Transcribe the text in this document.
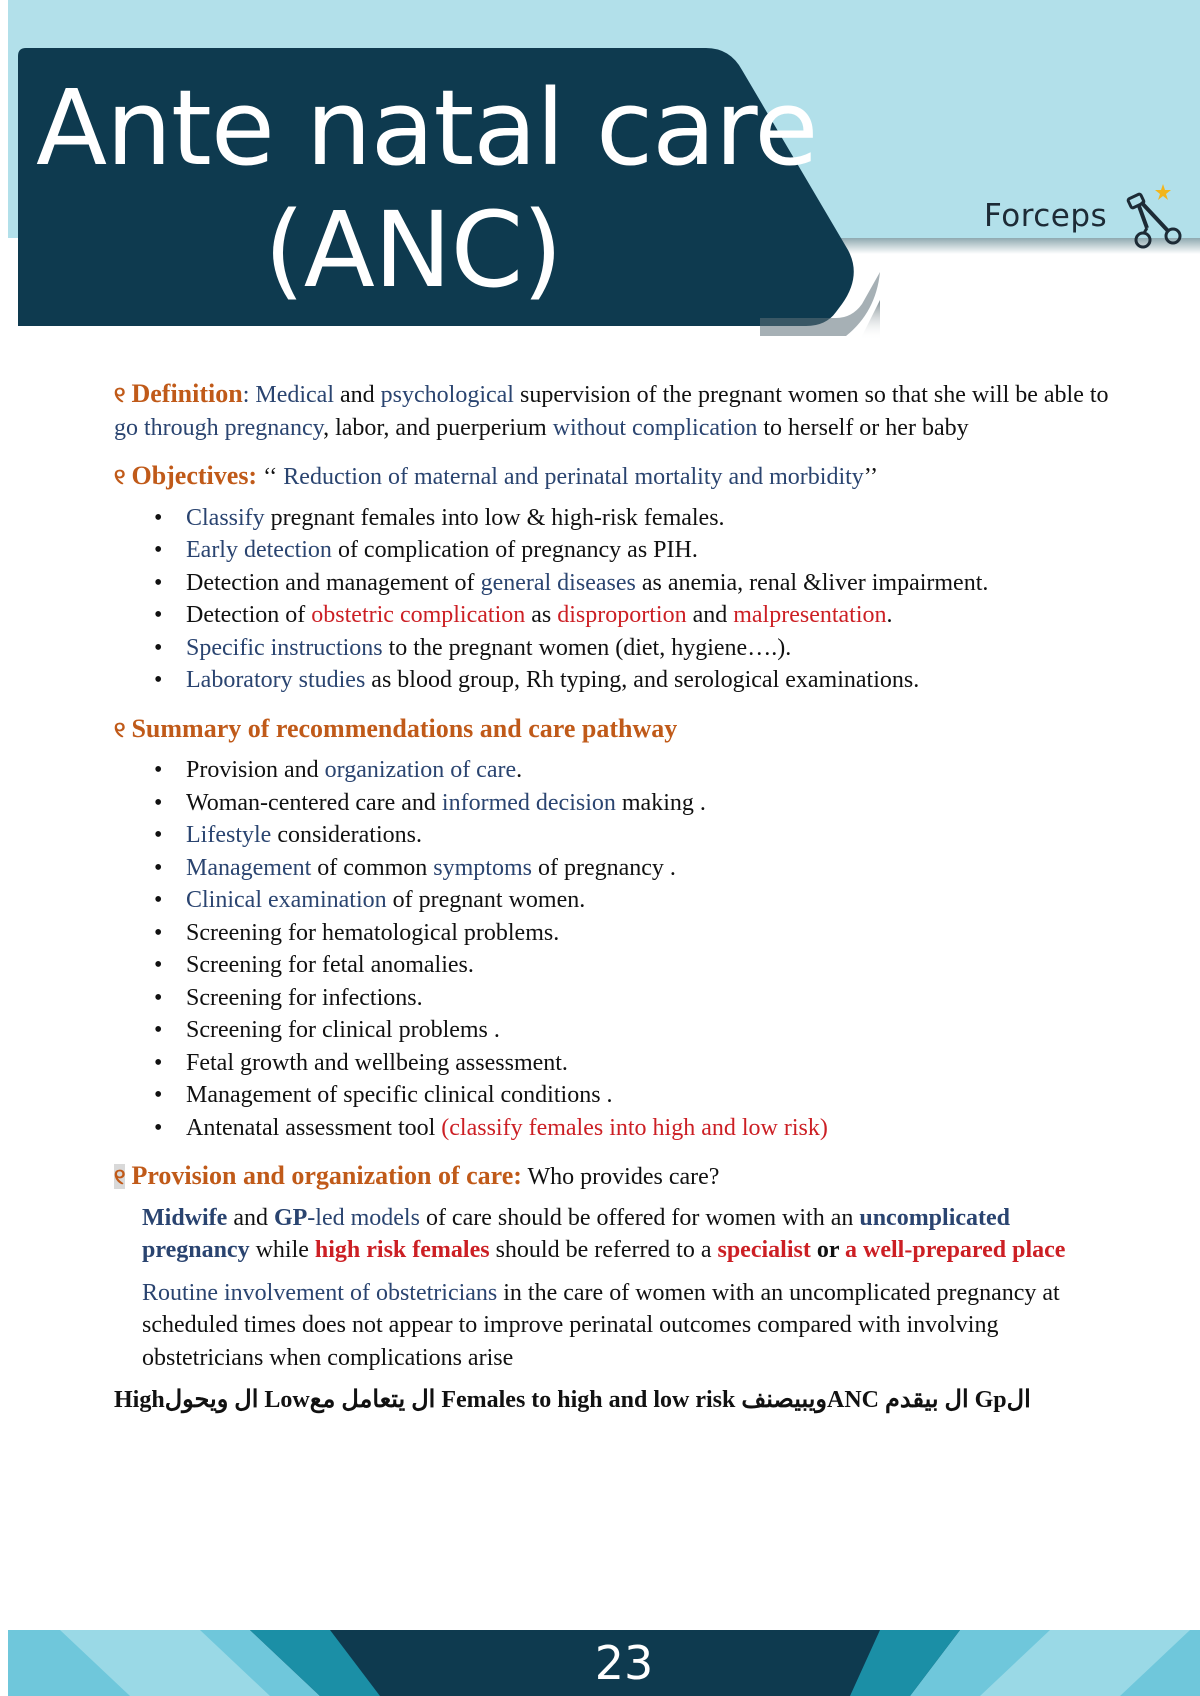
Ante natal care
(ANC)	Forceps

୧ Definition: Medical and psychological supervision of the pregnant women so that she will be able to go through pregnancy, labor, and puerperium without complication to herself or her baby

୧ Objectives: ‘‘ Reduction of maternal and perinatal mortality and morbidity’’

• Classify pregnant females into low & high-risk females.
• Early detection of complication of pregnancy as PIH.
• Detection and management of general diseases as anemia, renal &liver impairment.
• Detection of obstetric complication as disproportion and malpresentation.
• Specific instructions to the pregnant women (diet, hygiene….).
• Laboratory studies as blood group, Rh typing, and serological examinations.

୧ Summary of recommendations and care pathway

• Provision and organization of care.
• Woman-centered care and informed decision making .
• Lifestyle considerations.
• Management of common symptoms of pregnancy .
• Clinical examination of pregnant women.
• Screening for hematological problems.
• Screening for fetal anomalies.
• Screening for infections.
• Screening for clinical problems .
• Fetal growth and wellbeing assessment.
• Management of specific clinical conditions .
• Antenatal assessment tool (classify females into high and low risk)

୧ Provision and organization of care: Who provides care?

Midwife and GP-led models of care should be offered for women with an uncomplicated pregnancy while high risk females should be referred to a specialist or a well-prepared place

Routine involvement of obstetricians in the care of women with an uncomplicated pregnancy at scheduled times does not appear to improve perinatal outcomes compared with involving obstetricians when complications arise

Highال ويحول Lowال يتعامل مع Females to high and low risk ويبيصنفANC ال بيقدم Gpال
23
